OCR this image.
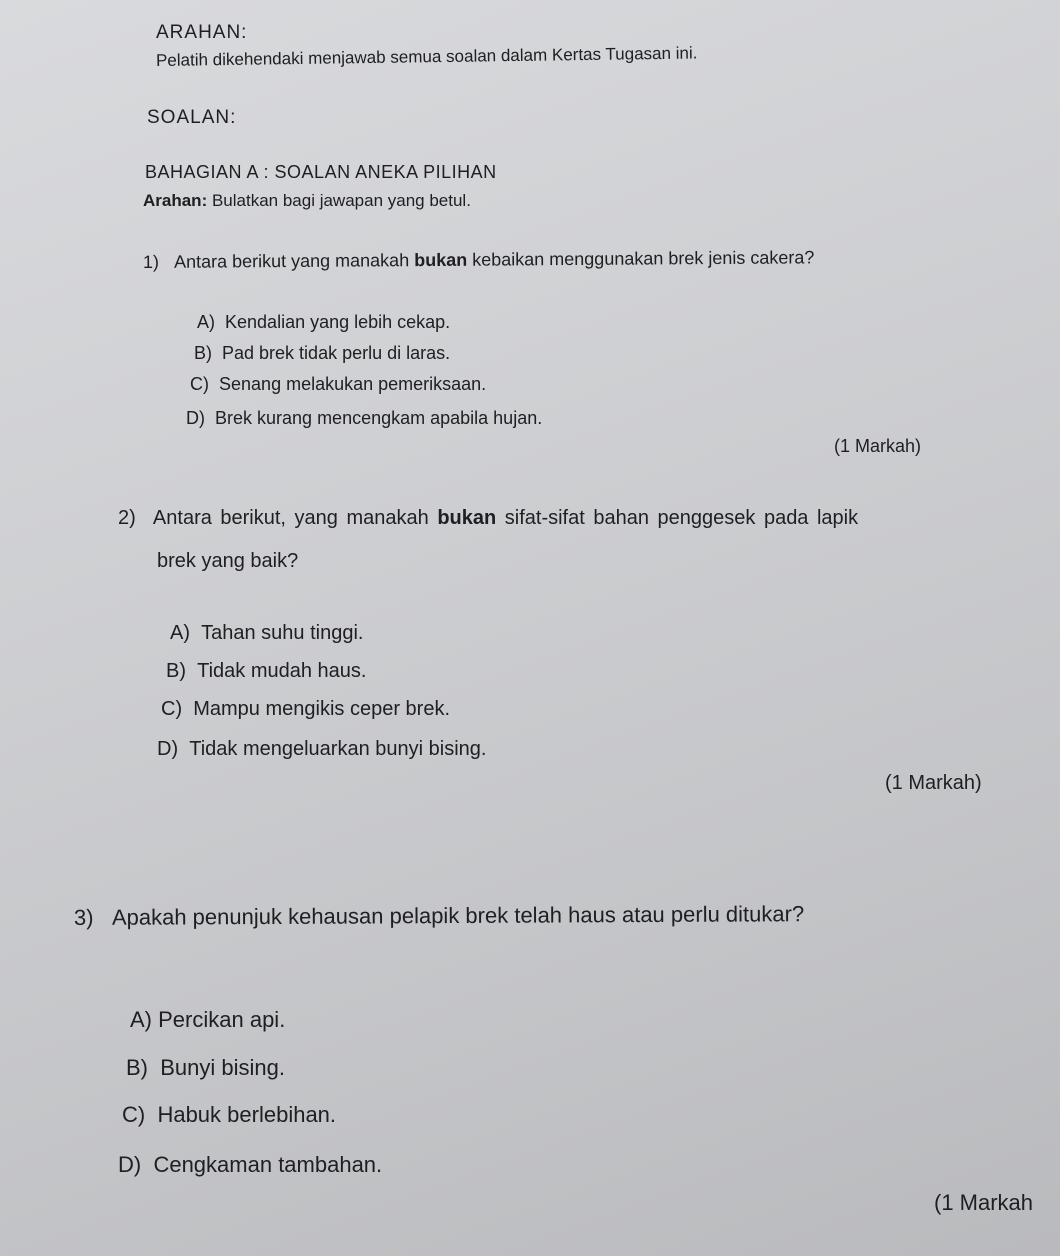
ARAHAN:
Pelatih dikehendaki menjawab semua soalan dalam Kertas Tugasan ini.
SOALAN:
BAHAGIAN A : SOALAN ANEKA PILIHAN
Arahan: Bulatkan bagi jawapan yang betul.
1) Antara berikut yang manakah bukan kebaikan menggunakan brek jenis cakera?
A) Kendalian yang lebih cekap.
B) Pad brek tidak perlu di laras.
C) Senang melakukan pemeriksaan.
D) Brek kurang mencengkam apabila hujan.
(1 Markah)
2) Antara berikut, yang manakah bukan sifat-sifat bahan penggesek pada lapik
brek yang baik?
A) Tahan suhu tinggi.
B) Tidak mudah haus.
C) Mampu mengikis ceper brek.
D) Tidak mengeluarkan bunyi bising.
(1 Markah)
3) Apakah penunjuk kehausan pelapik brek telah haus atau perlu ditukar?
A) Percikan api.
B) Bunyi bising.
C) Habuk berlebihan.
D) Cengkaman tambahan.
(1 Markah
